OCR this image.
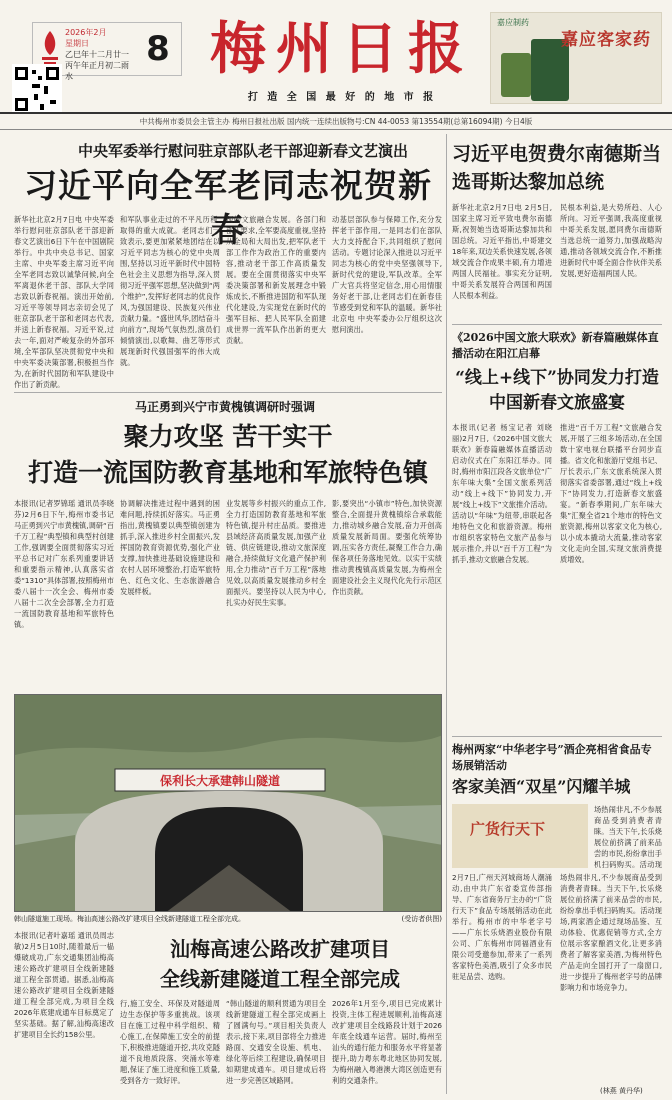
2026年2月
星期日
乙巳年十二月廿一
丙午年正月初二雨水
8 梅州日报
打 造 全 国 最 好 的 地 市 报
嘉应制药
嘉应客家药
中共梅州市委员会主管主办 梅州日报社出版 国内统一连续出版物号:CN 44-0053 第13554期(总第16094期) 今日4版
中央军委举行慰问驻京部队老干部迎新春文艺演出
习近平向全军老同志祝贺新春
新华社北京2月7日电 中央军委举行慰问驻京部队老干部迎新春文艺演出6日下午在中国剧院举行。中共中央总书记、国家主席、中央军委主席习近平向全军老同志致以诚挚问候,向全军离退休老干部、部队大学同志致以新春祝福。演出开始前,习近平等领导同志亲切会见了驻京部队老干部和老同志代表,并送上新春祝福。习近平说,过去一年,面对严峻复杂的外部环境,全军部队坚决贯彻党中央和中央军委决策部署,积极担当作为,在新时代国防和军队建设中作出了新贡献。
和军队事业走过的不平凡历程,取得的重大成就。老同志们一致表示,要更加紧紧地团结在以习近平同志为核心的党中央周围,坚持以习近平新时代中国特色社会主义思想为指导,深入贯彻习近平强军思想,坚决做到“两个维护”,发挥好老同志的优良作风,为强国建设、民族复兴伟业贡献力量。“盛世风华,团结奋斗向前方”,现场气氛热烈,演员们倾情演出,以歌舞、曲艺等形式展现新时代强国强军的伟大成就。
现的文旅融合发展。各部门和部队要求,全军要高度重视,坚持从全局和大局出发,把军队老干部工作作为政治工作的重要内容,推动老干部工作高质量发展。要在全面贯彻落实中央军委决策部署和新发展理念中锻炼成长,不断推进国防和军队现代化建设,为实现党在新时代的强军目标、把人民军队全面建成世界一流军队作出新的更大贡献。
动基层部队参与保障工作,充分发挥老干部作用,一是同志们在部队大力支持配合下,共同组织了慰问活动。专题讨论深入推进以习近平同志为核心的党中央坚强领导下,新时代党的建设,军队改革。全军广大官兵将坚定信念,用心用情服务好老干部,让老同志们在新春佳节感受到党和军队的温暖。新华社北京电 中央军委办公厅组织这次慰问演出。
习近平电贺费尔南德斯当选哥斯达黎加总统
新华社北京2月7日电 2月5日,国家主席习近平致电费尔南德斯,祝贺她当选哥斯达黎加共和国总统。习近平指出,中哥建交18年来,双边关系快速发展,各领域交流合作成果丰硕,有力增进两国人民福祉。事实充分证明,中哥关系发展符合两国和两国人民根本利益。
民根本利益,是大势所趋、人心所向。习近平强调,我高度重视中哥关系发展,愿同费尔南德斯当选总统一道努力,加强战略沟通,推动各领域交流合作,不断推进新时代中哥全面合作伙伴关系发展,更好造福两国人民。
《2026中国文旅大联欢》新春篇融媒体直播活动在阳江启幕
“线上+线下”协同发力打造中国新春文旅盛宴
本报讯(记者 杨宝记者 刘晓丽)2月7日,《2026中国文旅大联欢》新春篇融媒体直播活动启动仪式在广东阳江举办。同时,梅州市阳江段各文旅单位“广东年味大集”全国文旅系列活动“线上+线下”协同发力,开展“线上+线下”文旅推介活动。活动以“年味”为纽带,串联起各地特色文化和旅游资源。梅州市组织客家特色文旅产品参与展示推介,并以“百千万工程”为抓手,推动文旅融合发展。
推进“百千万工程”文旅融合发展,开展了三组多场活动,在全国数十家电视台联播平台同步直播。省文化和旅游厅党组书记、厅长表示,广东文旅系统深入贯彻落实省委部署,通过“线上+线下”协同发力,打造新春文旅盛宴。“新春季期间,广东年味大集”汇聚全省21个地市的特色文旅资源,梅州以客家文化为核心,以小成本撬动大流量,推动客家文化走向全国,实现文旅消费提质增效。
马正勇到兴宁市黄槐镇调研时强调
聚力攻坚 苦干实干
打造一流国防教育基地和军旅特色镇
本报讯(记者罗锦瑶 通讯员李晓芬)2月6日下午,梅州市委书记马正勇到兴宁市黄槐镇,调研“百千万工程”典型镇和典型村创建工作,强调要全面贯彻落实习近平总书记对广东系列重要讲话和重要指示精神,认真落实省委“1310”具体部署,按照梅州市委八届十一次全会、梅州市委八届十二次全会部署,全力打造一流国防教育基地和军旅特色镇。
协调解决推进过程中遇到的困难问题,持续抓好落实。马正勇指出,黄槐镇要以典型镇创建为抓手,深入推进乡村全面振兴,发挥国防教育资源优势,强化产业支撑,加快推进基础设施建设和农村人居环境整治,打造军旅特色、红色文化、生态旅游融合发展样板。
业发展等乡村振兴的重点工作,全力打造国防教育基地和军旅特色镇,提升村庄品质。要推进县域经济高质量发展,加强产业链、供应链建设,推动文旅深度融合,持续做好文化遗产保护利用,全力推动“百千万工程”落地见效,以高质量发展推动乡村全面振兴。要坚持以人民为中心,扎实办好民生实事。
影,要突出“小镇市”特色,加快资源整合,全面提升黄槐镇综合承载能力,推动城乡融合发展,奋力开创高质量发展新局面。要强化统筹协调,压实各方责任,凝聚工作合力,确保各项任务落地见效。以实干实绩推动黄槐镇高质量发展,为梅州全面建设社会主义现代化先行示范区作出贡献。
保利长大承建韩山隧道
韩山隧道施工现场。梅汕高速公路改扩建项目全线新建隧道工程全部完成。	(受访者供图)
汕梅高速公路改扩建项目
全线新建隧道工程全部完成
本报讯(记者叶嘉瑶 通讯员周志敏)2月5日10时,随着最后一榀爆破成功,广东交通集团汕梅高速公路改扩建项目全线新建隧道工程全部贯通。据悉,汕梅高速公路改扩建项目全线新建隧道工程全部完成,为项目全线2026年底建成通车目标奠定了坚实基础。据了解,汕梅高速改扩建项目全长约158公里。
行,施工安全、环保及对隧道周边生态保护等多重挑战。该项目在施工过程中科学组织、精心施工,在保障施工安全的前提下,积极推进隧道开挖,共攻克隧道不良地质段落、突涌水等难题,保证了施工进度和施工质量,受到各方一致好评。
“韩山隧道的顺利贯通为项目全线新建隧道工程全部完成画上了圆满句号。”项目相关负责人表示,接下来,项目部将全力推进路面、交通安全设施、机电、绿化等后续工程建设,确保项目如期建成通车。项目建成后将进一步完善区域路网。
2026年1月至今,项目已完成累计投资,主体工程进展顺利,汕梅高速改扩建项目全线路段计划于2026年底全线通车运营。届时,梅州至汕头的通行能力和服务水平将显著提升,助力粤东粤北地区协同发展,为梅州融入粤港澳大湾区创造更有利的交通条件。
梅州两家“中华老字号”酒企亮相省食品专场展销活动
客家美酒“双星”闪耀羊城
广货行天下
场热闹非凡,不少参展商品受到消费者青睐。当天下午,长乐烧展位前挤满了前来品尝的市民,纷纷拿出手机扫码购买。活动现
2月7日,广州天河城商场人潮涌动,由中共广东省委宣传部指导、广东省商务厅主办的“广货行天下”食品专场展销活动在此举行。梅州市的中华老字号——广东长乐烧酒业股份有限公司、广东梅州市同福酒业有限公司受邀参加,带来了一系列客家特色美酒,吸引了众多市民驻足品尝、选购。
场热闹非凡,不少参展商品受到消费者青睐。当天下午,长乐烧展位前挤满了前来品尝的市民,纷纷拿出手机扫码购买。活动现场,两家酒企通过现场品鉴、互动体验、优惠促销等方式,全方位展示客家酿酒文化,让更多消费者了解客家美酒,为梅州特色产品走向全国打开了一扇窗口,进一步提升了梅州老字号的品牌影响力和市场竞争力。
(林燕 黄丹华)
